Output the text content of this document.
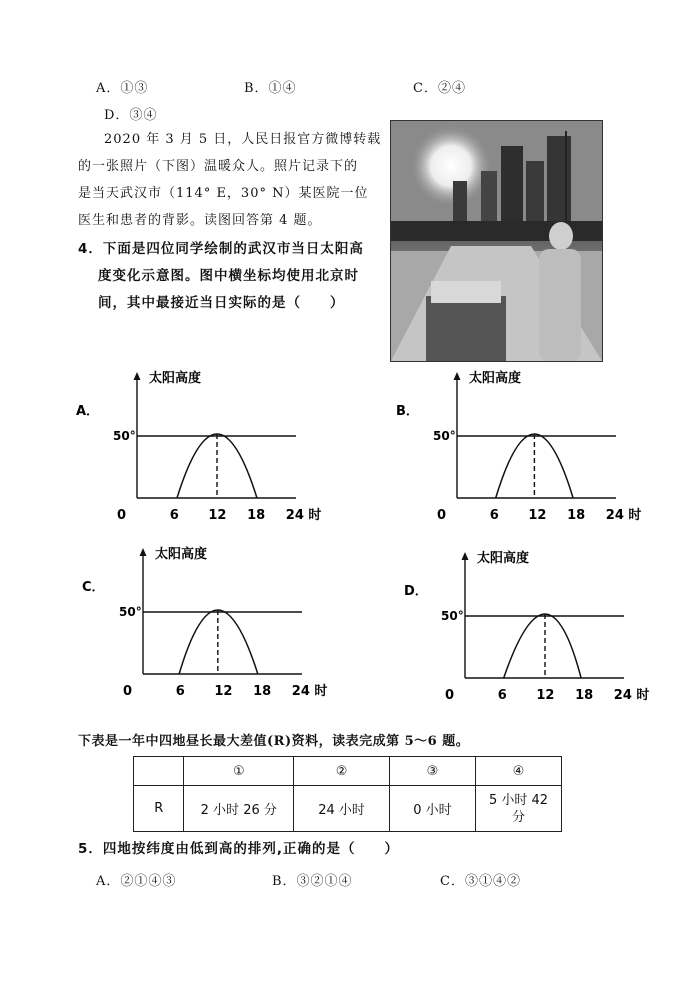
A．①③	B．①④	C．②④
D．③④
2020 年 3 月 5 日，人民日报官方微博转载
的一张照片（下图）温暖众人。照片记录下的
是当天武汉市（114° E，30° N）某医院一位
医生和患者的背影。读图回答第 4 题。
4．下面是四位同学绘制的武汉市当日太阳高
度变化示意图。图中横坐标均使用北京时
间，其中最接近当日实际的是（　　）
A．
太阳高度
50°
0	6 12 18 24 时
B．
太阳高度
50°
0	6 12 18 24 时
C．
太阳高度
50°
0	6 12 18 24 时
D．
太阳高度
50°
0	6 12 18 24 时
下表是一年中四地昼长最大差值(R)资料，读表完成第 5～6 题。
	①	②	③	④
R	2 小时 26 分	24 小时	0 小时	5 小时 42
分
5．四地按纬度由低到高的排列,正确的是（　　）
A．②①④③	B．③②①④	C．③①④②
